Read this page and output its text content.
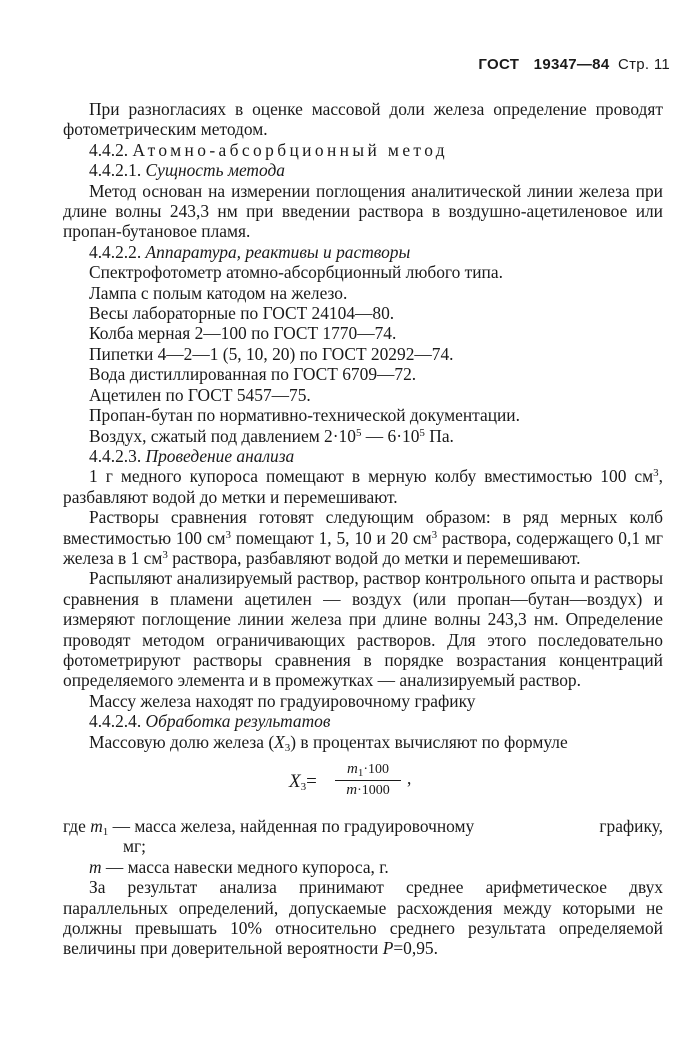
ГОСТ 19347—84 Стр. 11

При разногласиях в оценке массовой доли железа определение проводят фотометрическим методом.

4.4.2. Атомно-абсорбционный метод

4.4.2.1. Сущность метода

Метод основан на измерении поглощения аналитической линии железа при длине волны 243,3 нм при введении раствора в воздушно-ацетиленовое или пропан-бутановое пламя.

4.4.2.2. Аппаратура, реактивы и растворы

Спектрофотометр атомно-абсорбционный любого типа.

Лампа с полым катодом на железо.

Весы лабораторные по ГОСТ 24104—80.

Колба мерная 2—100 по ГОСТ 1770—74.

Пипетки 4—2—1 (5, 10, 20) по ГОСТ 20292—74.

Вода дистиллированная по ГОСТ 6709—72.

Ацетилен по ГОСТ 5457—75.

Пропан-бутан по нормативно-технической документации.

Воздух, сжатый под давлением $2\cdot 10^5$ — $6\cdot 10^5$ Па.

4.4.2.3. Проведение анализа

1 г медного купороса помещают в мерную колбу вместимостью 100 $см^3$, разбавляют водой до метки и перемешивают.

Растворы сравнения готовят следующим образом: в ряд мерных колб вместимостью 100 $см^3$ помещают 1, 5, 10 и 20 $см^3$ раствора, содержащего 0,1 мг железа в 1 $см^3$ раствора, разбавляют водой до метки и перемешивают.

Распыляют анализируемый раствор, раствор контрольного опыта и растворы сравнения в пламени ацетилен — воздух (или пропан—бутан—воздух) и измеряют поглощение линии железа при длине волны 243,3 нм. Определение проводят методом ограничивающих растворов. Для этого последовательно фотометрируют растворы сравнения в порядке возрастания концентраций определяемого элемента и в промежутках — анализируемый раствор.

Массу железа находят по градуировочному графику

4.4.2.4. Обработка результатов

Массовую долю железа $(X_3)$ в процентах вычисляют по формуле

$X_3= \frac{m_1\cdot 100}{m\cdot 1000}$ ,
где $m_1$ — масса железа, найденная по градуировочному	графику,

мг;

m — масса навески медного купороса, г.

За результат анализа принимают среднее арифметическое двух параллельных определений, допускаемые расхождения между которыми не должны превышать 10% относительно среднего результата определяемой величины при доверительной вероятности P=0,95.
